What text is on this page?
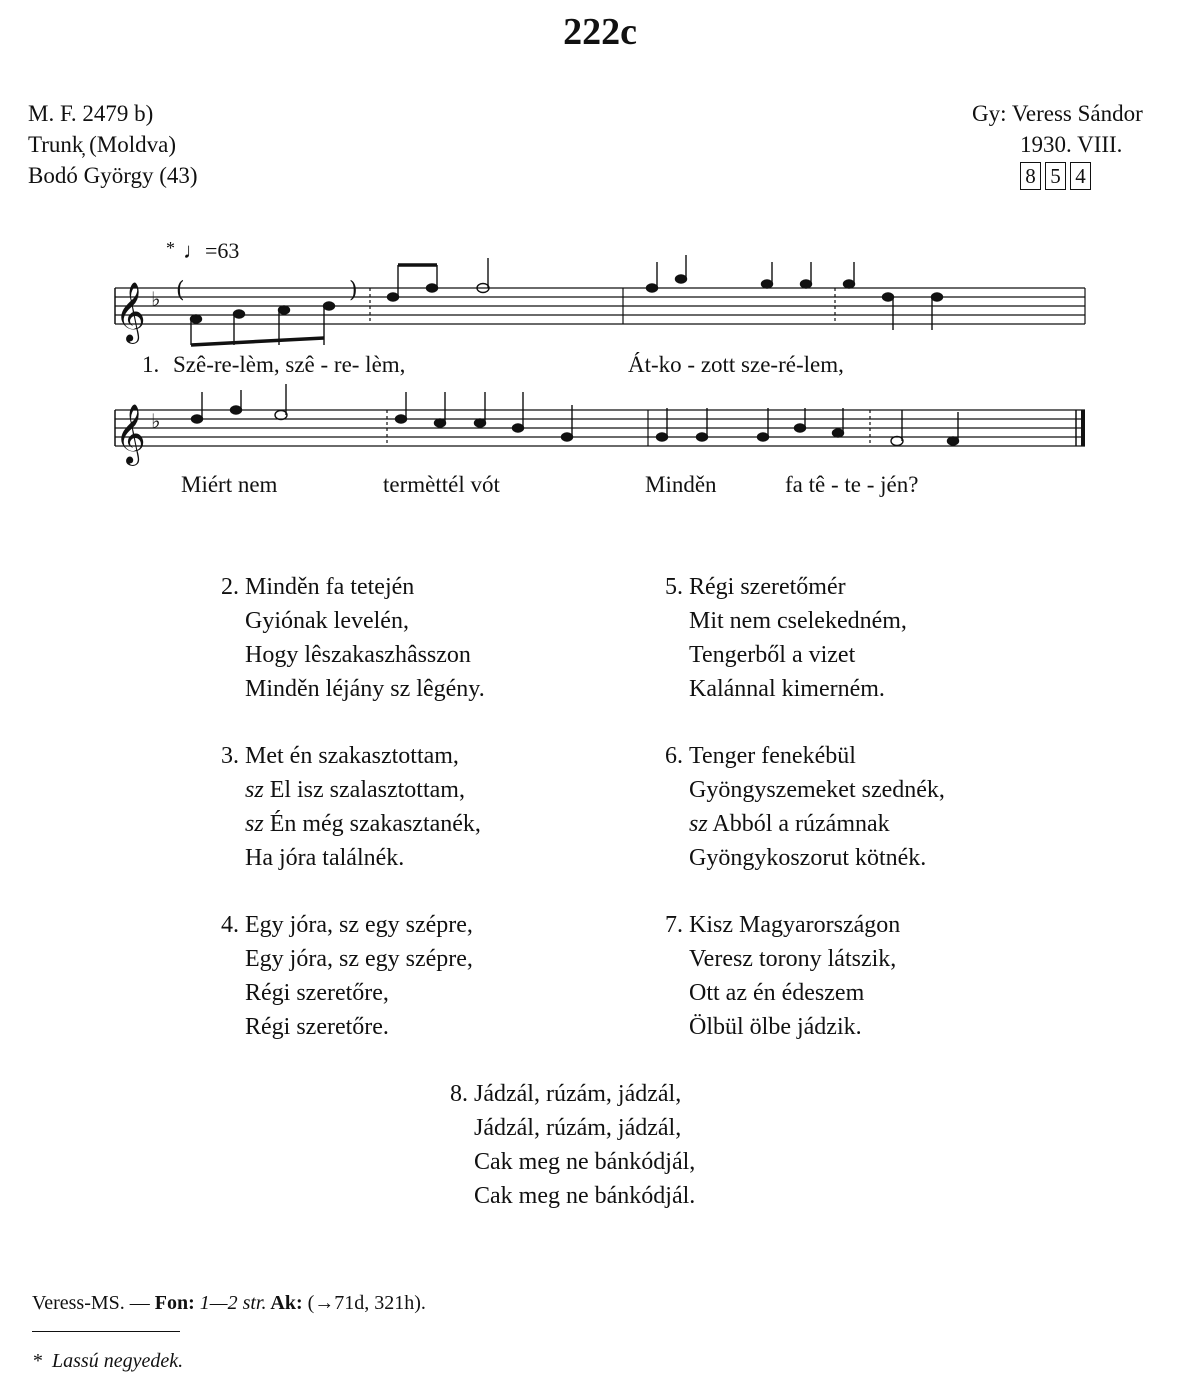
222c
M. F. 2479 b)
Trunk̦ (Moldva)
Bodó György (43)
Gy: Veress Sándor
1930. VIII.
8 5 4
* ♩=63
𝄞 ♭ (	)
𝄞 ♭
1. Szê-re-lèm, szê - re- lèm,	Át-ko - zott sze-ré-lem,
Miért nem	termèttél vót	Minděn	fa tê - te - jén?
2. Minděn fa tetején
Gyiónak levelén,
Hogy lêszakaszhâsszon
Minděn léjány sz lêgény.
3. Met én szakasztottam,
sz El isz szalasztottam,
sz Én még szakasztanék,
Ha jóra találnék.
4. Egy jóra, sz egy szépre,
Egy jóra, sz egy szépre,
Régi szeretőre,
Régi szeretőre.
5. Régi szeretőmér
Mit nem cselekedném,
Tengerből a vizet
Kalánnal kimerném.
6. Tenger fenekébül
Gyöngyszemeket szednék,
sz Abból a rúzámnak
Gyöngykoszorut kötnék.
7. Kisz Magyarországon
Veresz torony látszik,
Ott az én édeszem
Ölbül ölbe jádzik.
8. Jádzál, rúzám, jádzál,
Jádzál, rúzám, jádzál,
Cak meg ne bánkódjál,
Cak meg ne bánkódjál.
Veress-MS. — Fon: 1—2 str. Ak: (→71d, 321h).
* Lassú negyedek.
